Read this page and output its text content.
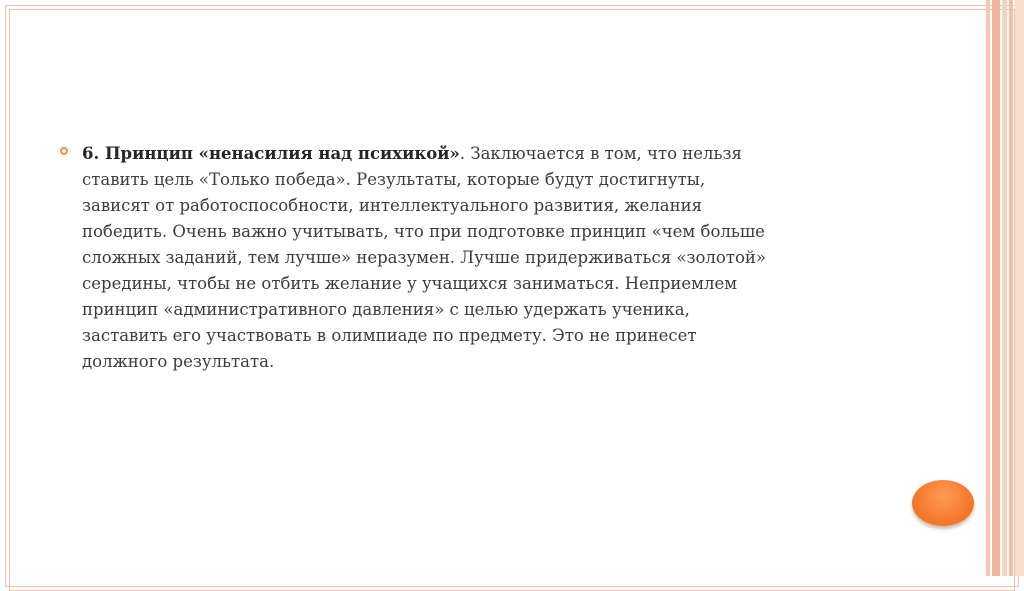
6. Принцип «ненасилия над психикой». Заключается в том, что нельзя
ставить цель «Только победа». Результаты, которые будут достигнуты,
зависят от работоспособности, интеллектуального развития, желания
победить. Очень важно учитывать, что при подготовке принцип «чем больше
сложных заданий, тем лучше» неразумен. Лучше придерживаться «золотой»
середины, чтобы не отбить желание у учащихся заниматься. Неприемлем
принцип «административного давления» с целью удержать ученика,
заставить его участвовать в олимпиаде по предмету. Это не принесет
должного результата.
